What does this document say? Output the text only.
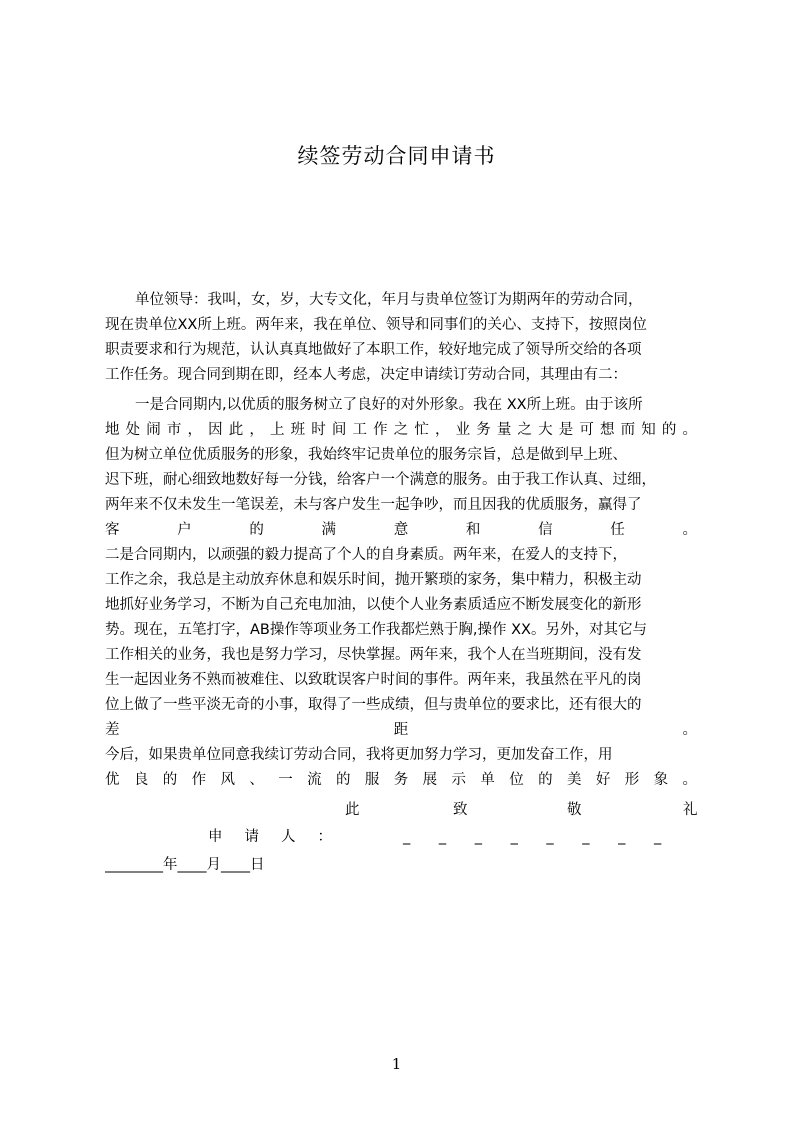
续签劳动合同申请书
单位领导：我叫，女，岁，大专文化，年月与贵单位签订为期两年的劳动合同，
现在贵单位XX所上班。两年来，我在单位、领导和同事们的关心、支持下，按照岗位
职责要求和行为规范，认认真真地做好了本职工作，较好地完成了领导所交给的各项
工作任务。现合同到期在即，经本人考虑，决定申请续订劳动合同，其理由有二：
一是合同期内,以优质的服务树立了良好的对外形象。我在 XX所上班。由于该所
地处闹市，因此，上班时间工作之忙，业务量之大是可想而知的。
但为树立单位优质服务的形象，我始终牢记贵单位的服务宗旨，总是做到早上班、
迟下班，耐心细致地数好每一分钱，给客户一个满意的服务。由于我工作认真、过细，
两年来不仅未发生一笔误差，未与客户发生一起争吵，而且因我的优质服务，赢得了
客户的满意和信任。
二是合同期内，以顽强的毅力提高了个人的自身素质。两年来，在爱人的支持下，
工作之余，我总是主动放弃休息和娱乐时间，抛开繁琐的家务，集中精力，积极主动
地抓好业务学习，不断为自己充电加油，以使个人业务素质适应不断发展变化的新形
势。现在，五笔打字，AB操作等项业务工作我都烂熟于胸,操作 XX。另外，对其它与
工作相关的业务，我也是努力学习，尽快掌握。两年来，我个人在当班期间，没有发
生一起因业务不熟而被难住、以致耽误客户时间的事件。两年来，我虽然在平凡的岗
位上做了一些平淡无奇的小事，取得了一些成绩，但与贵单位的要求比，还有很大的
差距。
今后，如果贵单位同意我续订劳动合同，我将更加努力学习，更加发奋工作，用
优良的作风、一流的服务展示单位的美好形象。
此	致	敬	礼
申请人：	_ _ _ _ _ _ _ _
________年____月____日
1
